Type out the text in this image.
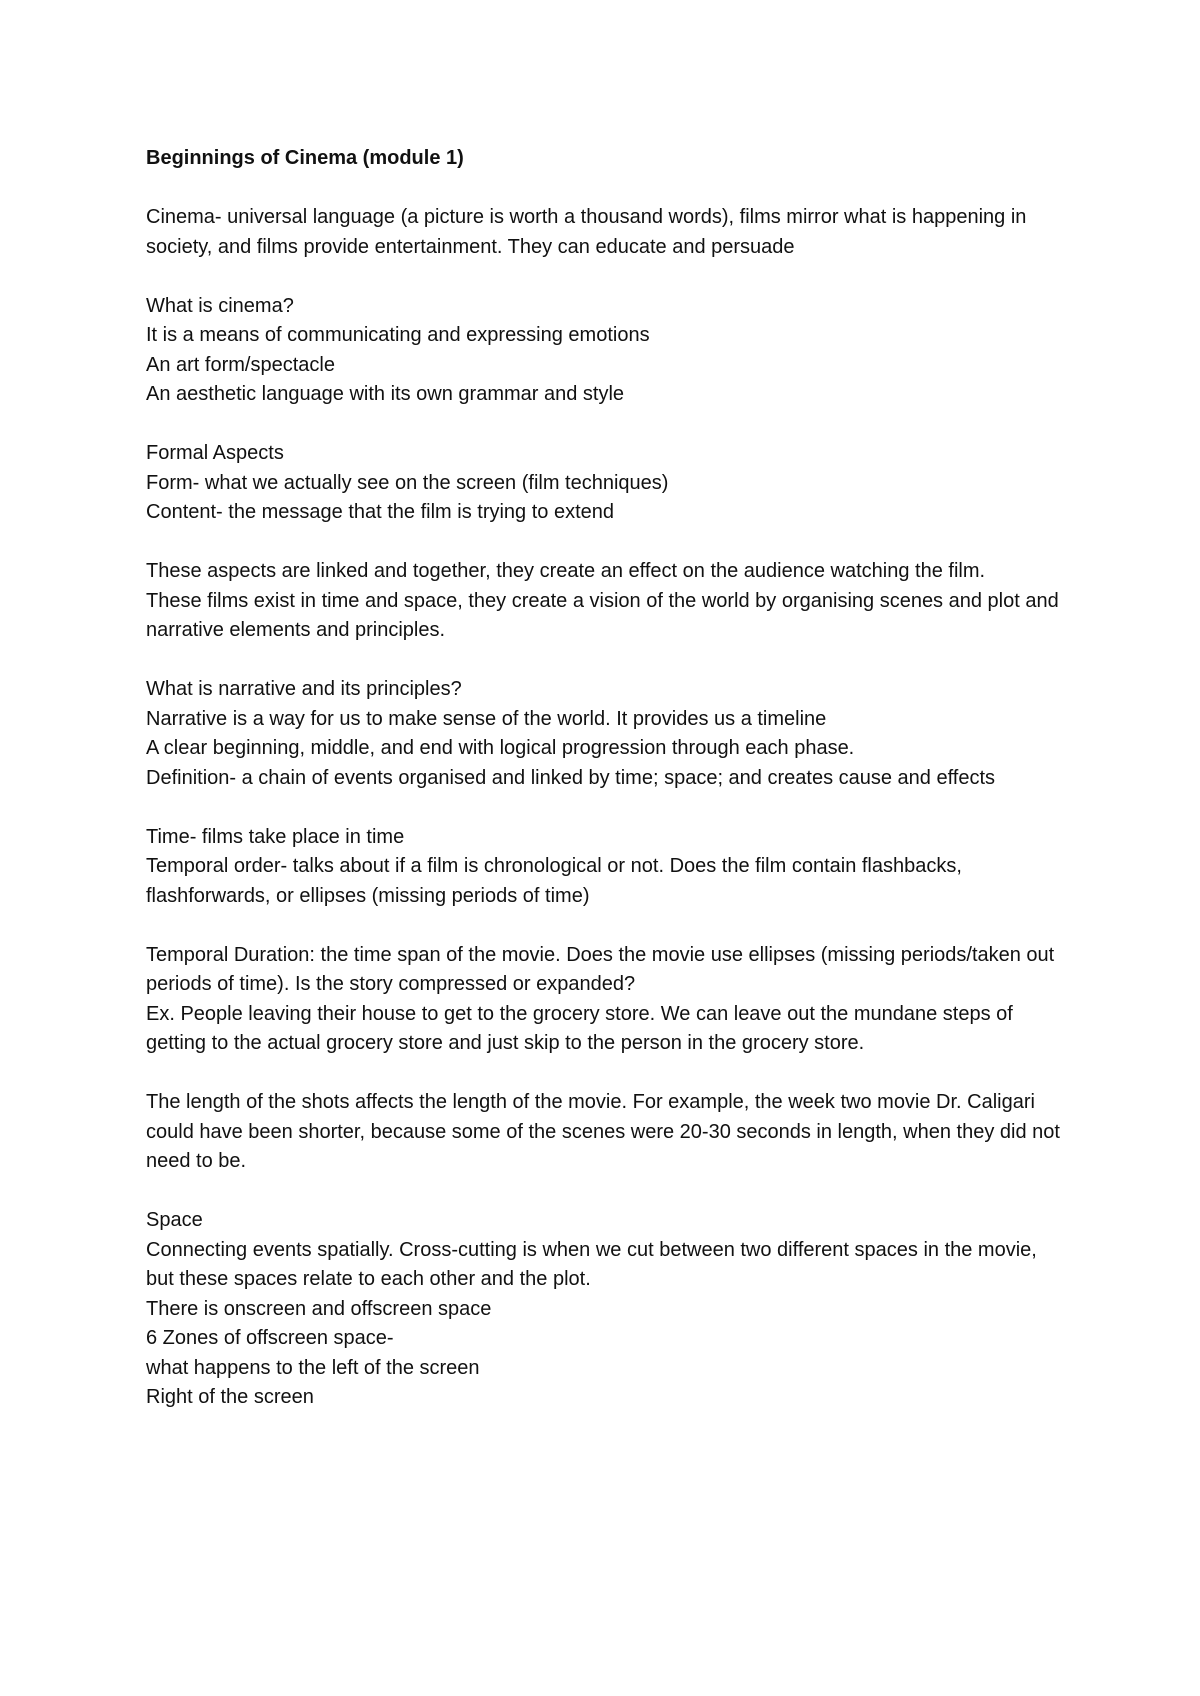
Beginnings of Cinema (module 1)

Cinema- universal language (a picture is worth a thousand words), films mirror what is happening in society, and films provide entertainment. They can educate and persuade

What is cinema?

It is a means of communicating and expressing emotions

An art form/spectacle

An aesthetic language with its own grammar and style

Formal Aspects

Form- what we actually see on the screen (film techniques)

Content- the message that the film is trying to extend

These aspects are linked and together, they create an effect on the audience watching the film.

These films exist in time and space, they create a vision of the world by organising scenes and plot and narrative elements and principles.

What is narrative and its principles?

Narrative is a way for us to make sense of the world. It provides us a timeline

A clear beginning, middle, and end with logical progression through each phase.

Definition- a chain of events organised and linked by time; space; and creates cause and effects

Time- films take place in time

Temporal order- talks about if a film is chronological or not. Does the film contain flashbacks, flashforwards, or ellipses (missing periods of time)

Temporal Duration: the time span of the movie. Does the movie use ellipses (missing periods/taken out periods of time). Is the story compressed or expanded?

Ex. People leaving their house to get to the grocery store. We can leave out the mundane steps of getting to the actual grocery store and just skip to the person in the grocery store.

The length of the shots affects the length of the movie. For example, the week two movie Dr. Caligari could have been shorter, because some of the scenes were 20-30 seconds in length, when they did not need to be.

Space

Connecting events spatially. Cross-cutting is when we cut between two different spaces in the movie, but these spaces relate to each other and the plot.

There is onscreen and offscreen space

6 Zones of offscreen space-

what happens to the left of the screen

Right of the screen
